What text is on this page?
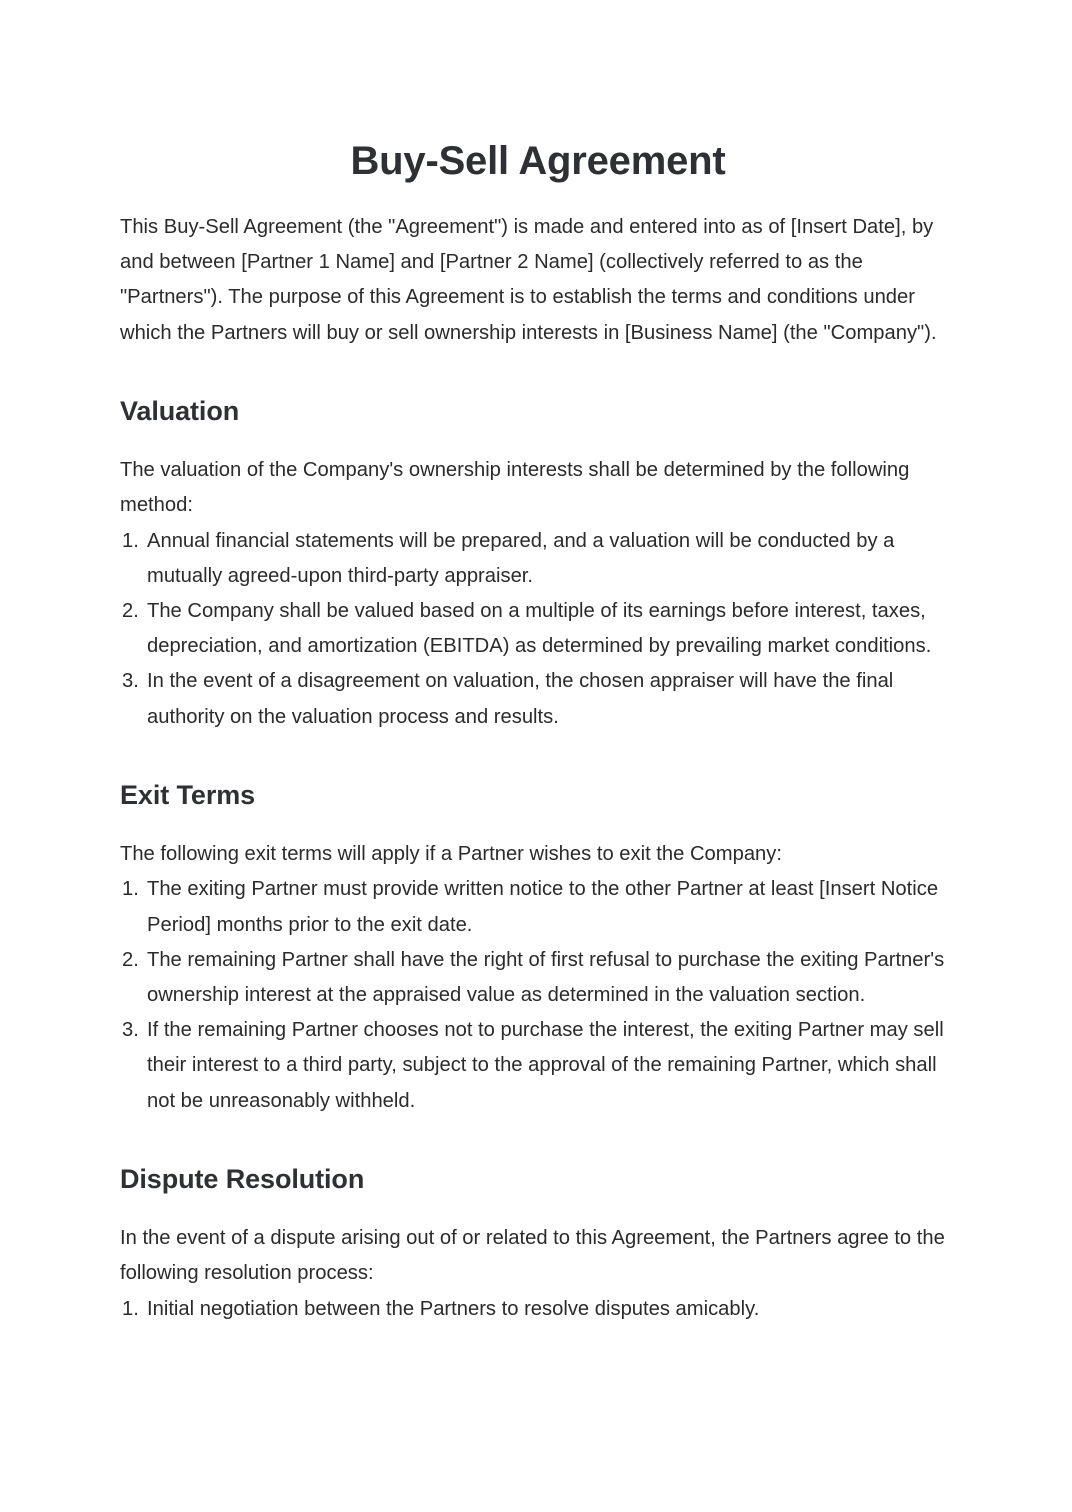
Buy-Sell Agreement

This Buy-Sell Agreement (the "Agreement") is made and entered into as of [Insert Date], by and between [Partner 1 Name] and [Partner 2 Name] (collectively referred to as the "Partners"). The purpose of this Agreement is to establish the terms and conditions under which the Partners will buy or sell ownership interests in [Business Name] (the "Company").

Valuation

The valuation of the Company's ownership interests shall be determined by the following method:

Annual financial statements will be prepared, and a valuation will be conducted by a mutually agreed-upon third-party appraiser.
The Company shall be valued based on a multiple of its earnings before interest, taxes, depreciation, and amortization (EBITDA) as determined by prevailing market conditions.
In the event of a disagreement on valuation, the chosen appraiser will have the final authority on the valuation process and results.
Exit Terms

The following exit terms will apply if a Partner wishes to exit the Company:

The exiting Partner must provide written notice to the other Partner at least [Insert Notice Period] months prior to the exit date.
The remaining Partner shall have the right of first refusal to purchase the exiting Partner's ownership interest at the appraised value as determined in the valuation section.
If the remaining Partner chooses not to purchase the interest, the exiting Partner may sell their interest to a third party, subject to the approval of the remaining Partner, which shall not be unreasonably withheld.
Dispute Resolution

In the event of a dispute arising out of or related to this Agreement, the Partners agree to the following resolution process:

Initial negotiation between the Partners to resolve disputes amicably.
